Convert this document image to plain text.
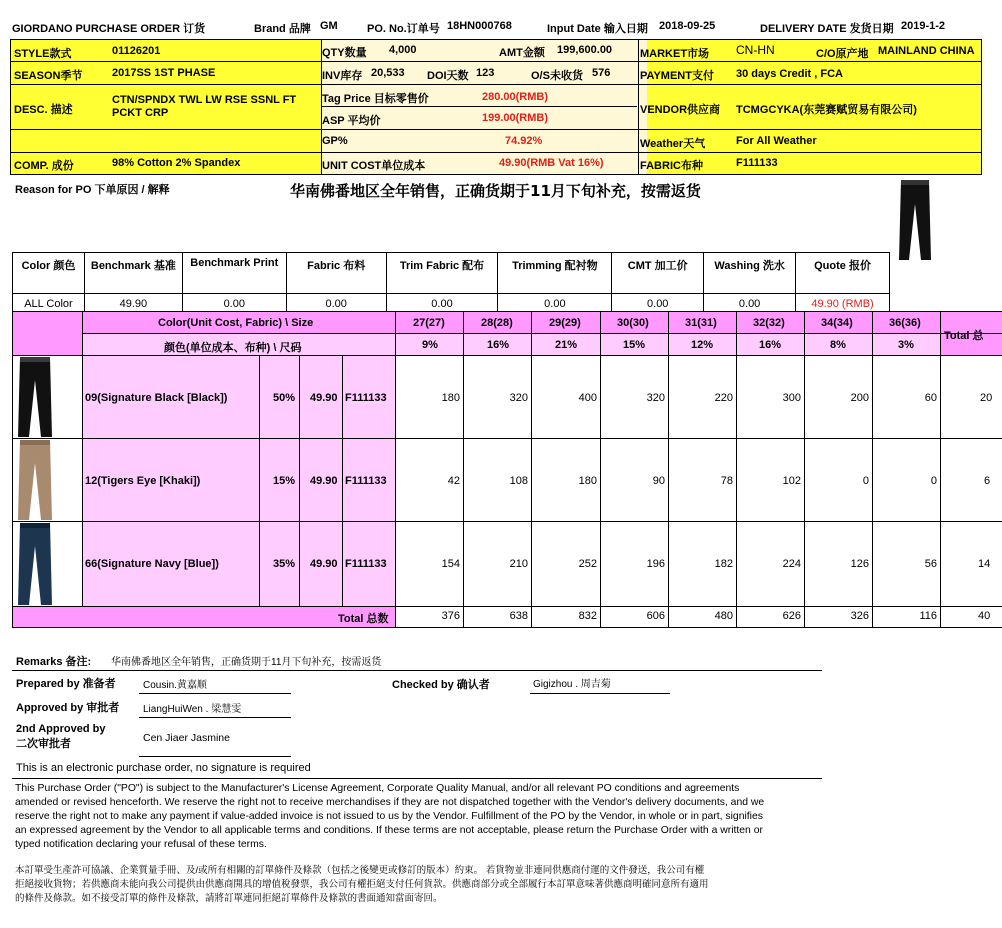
GIORDANO PURCHASE ORDER 订货	Brand 品牌 GM	PO. No.订单号 18HN000768	Input Date 输入日期 2018-09-25	DELIVERY DATE 发货日期 2019-1-2
STYLE款式	01126201	QTY数量 4,000	AMT金额 199,600.00	MARKET市场 CN-HN	C/O原产地 MAINLAND CHINA
SEASON季节	2017SS 1ST PHASE	INV库存 20,533 DOI天数 123	O/S未收货 576	PAYMENT支付 30 days Credit , FCA
DESC. 描述
CTN/SPNDX TWL LW RSE SSNL FT
PCKT CRP
Tag Price 目标零售价	280.00(RMB)
ASP 平均价	199.00(RMB)
VENDOR供应商 TCMGCYKA(东莞赛赋贸易有限公司)
GP%	74.92%	Weather天气	For All Weather
COMP. 成份	98% Cotton 2% Spandex	UNIT COST单位成本	49.90(RMB Vat 16%)	FABRIC布种	F111133
Reason for PO 下单原因 / 解释	华南佛番地区全年销售，正确货期于11月下旬补充，按需返货
Color 颜色	Benchmark 基准	Benchmark Print	Fabric 布料	Trim Fabric 配布	Trimming 配衬物	CMT 加工价	Washing 洗水	Quote 报价
ALL Color	49.90	0.00	0.00	0.00	0.00	0.00	0.00	49.90 (RMB)
Color(Unit Cost, Fabric) \ Size
颜色(单位成本、布种) \ 尺码
Total 总
27(27)	28(28)	29(29)	30(30)	31(31)	32(32)	34(34)	36(36)
9%	16%	21%	15%	12%	16%	8%	3%
09(Signature Black [Black])	50% 49.90 F111133	180	320	400	320	220	300	200	60	20
12(Tigers Eye [Khaki])	15% 49.90 F111133	42	108	180	90	78	102	0	0	6
66(Signature Navy [Blue])	35% 49.90 F111133	154	210	252	196	182	224	126	56	14
Total 总数	376	638	832	606	480	626	326	116	40
Remarks 备注: 华南佛番地区全年销售，正确货期于11月下旬补充，按需返货
Prepared by 准备者	Cousin.黄嘉顺	Checked by 确认者	Gigizhou . 周吉菊
Approved by 审批者 LiangHuiWen . 梁慧雯
2nd Approved by
二次审批者	Cen Jiaer Jasmine
This is an electronic purchase order, no signature is required
This Purchase Order ("PO") is subject to the Manufacturer's License Agreement, Corporate Quality Manual, and/or all relevant PO conditions and agreements
amended or revised henceforth. We reserve the right not to receive merchandises if they are not dispatched together with the Vendor's delivery documents, and we
reserve the right not to make any payment if value-added invoice is not issued to us by the Vendor. Fulfillment of the PO by the Vendor, in whole or in part, signifies
an expressed agreement by the Vendor to all applicable terms and conditions. If these terms are not acceptable, please return the Purchase Order with a written or
typed notification declaring your refusal of these terms.
本訂單受生產許可協議、企業質量手冊、及/或所有相關的訂單條件及條款（包括之後變更或修訂的版本）約束。 若貨物並非連同供應商付運的文件發送，我公司有權
拒絕接收貨物；若供應商未能向我公司提供由供應商開具的增值稅發票，我公司有權拒絕支付任何貨款。供應商部分或全部履行本訂單意味著供應商明確同意所有適用
的條件及條款。如不接受訂單的條件及條款，請將訂單連同拒絕訂單條件及條款的書面通知當面寄回。
